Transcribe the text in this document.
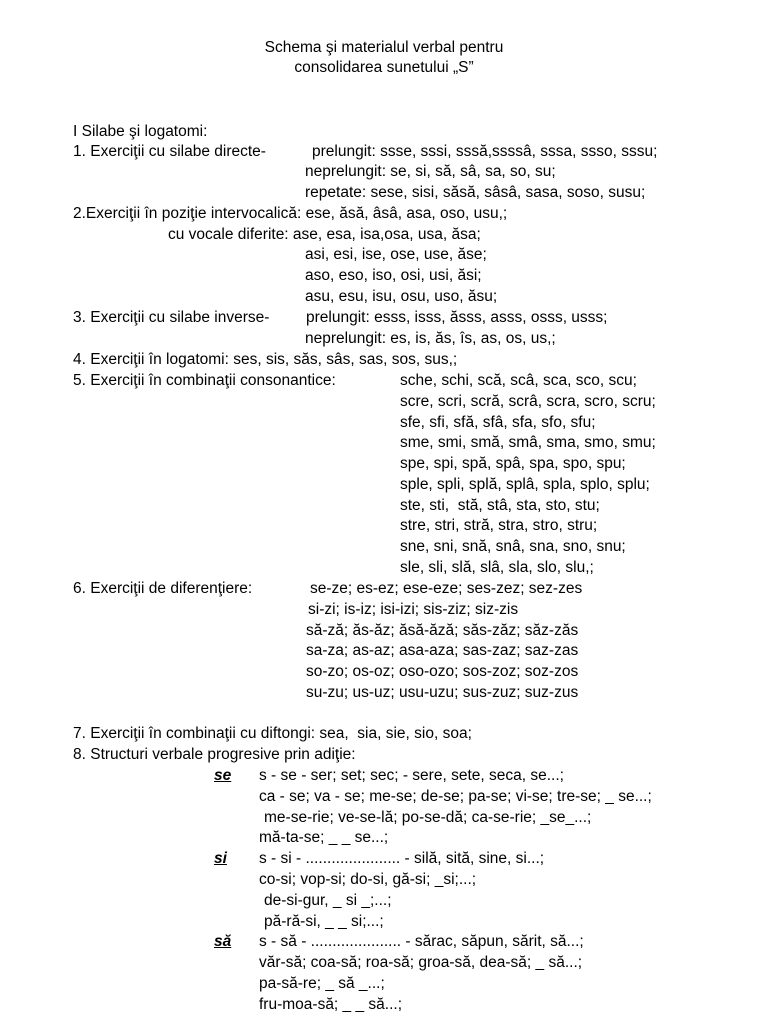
Schema şi materialul verbal pentru
consolidarea sunetului „S”
I Silabe şi logatomi:
1. Exerciţii cu silabe directe-	prelungit: ssse, sssi, sssă,ssssâ, sssa, ssso, sssu;
neprelungit: se, si, să, sâ, sa, so, su;
repetate: sese, sisi, săsă, sâsâ, sasa, soso, susu;
2.Exerciţii în poziţie intervocalică: ese, ăsă, âsâ, asa, oso, usu,;
cu vocale diferite: ase, esa, isa,osa, usa, ăsa;
asi, esi, ise, ose, use, ăse;
aso, eso, iso, osi, usi, ăsi;
asu, esu, isu, osu, uso, ăsu;
3. Exerciţii cu silabe inverse- prelungit: esss, isss, ăsss, asss, osss, usss;
neprelungit: es, is, ăs, îs, as, os, us,;
4. Exerciţii în logatomi: ses, sis, săs, sâs, sas, sos, sus,;
5. Exerciţii în combinaţii consonantice:	sche, schi, scă, scâ, sca, sco, scu;
scre, scri, scră, scrâ, scra, scro, scru;
sfe, sfi, sfă, sfâ, sfa, sfo, sfu;
sme, smi, smă, smâ, sma, smo, smu;
spe, spi, spă, spâ, spa, spo, spu;
sple, spli, splă, splâ, spla, splo, splu;
ste, sti,  stă, stâ, sta, sto, stu;
stre, stri, stră, stra, stro, stru;
sne, sni, snă, snâ, sna, sno, snu;
sle, sli, slă, slâ, sla, slo, slu,;
6. Exerciţii de diferenţiere:	se-ze; es-ez; ese-eze; ses-zez; sez-zes
si-zi; is-iz; isi-izi; sis-ziz; siz-zis
să-ză; ăs-ăz; ăsă-ăză; săs-zăz; săz-zăs
sa-za; as-az; asa-aza; sas-zaz; saz-zas
so-zo; os-oz; oso-ozo; sos-zoz; soz-zos
su-zu; us-uz; usu-uzu; sus-zuz; suz-zus
7. Exerciţii în combinaţii cu diftongi: sea,  sia, sie, sio, soa;
8. Structuri verbale progresive prin adiţie:
se s - se - ser; set; sec; - sere, sete, seca, se...;
ca - se; va - se; me-se; de-se; pa-se; vi-se; tre-se; _ se...;
me-se-rie; ve-se-lă; po-se-dă; ca-se-rie; _se_...;
mă-ta-se; _ _ se...;
si s - si - ...................... - silă, sită, sine, si...;
co-si; vop-si; do-si, gă-si; _si;...;
de-si-gur, _ si _;...;
pă-ră-si, _ _ si;...;
să s - să - ..................... - sărac, săpun, sărit, să...;
văr-să; coa-să; roa-să; groa-să, dea-să; _ să...;
pa-să-re; _ să _...;
fru-moa-să; _ _ să...;
